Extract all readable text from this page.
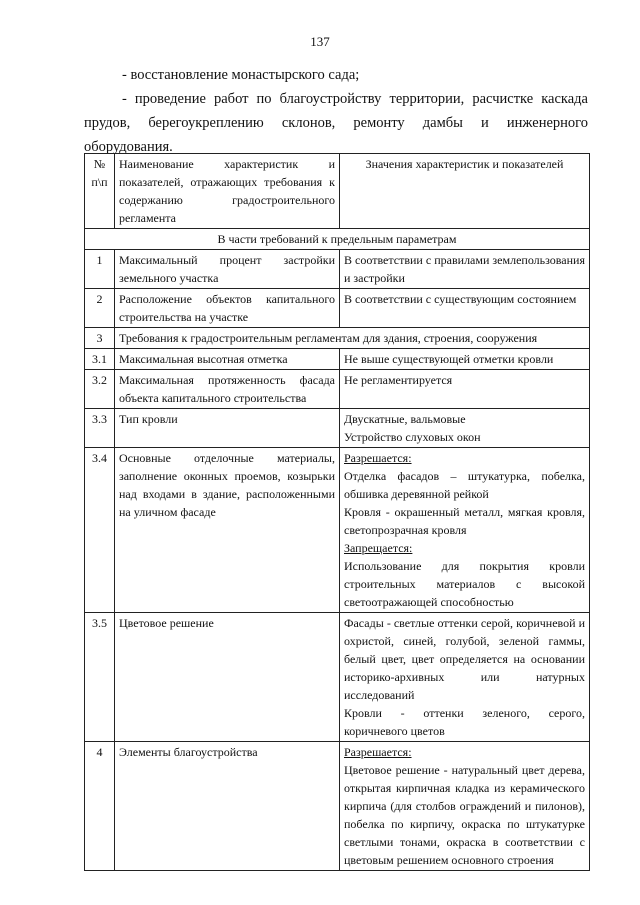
137

- восстановление монастырского сада;

- проведение работ по благоустройству территории, расчистке каскада прудов, берегоукреплению склонов, ремонту дамбы и инженерного оборудования.

№ п\п	Наименование характеристик и показателей, отражающих требования к содержанию градостроительного регламента	Значения характеристик и показателей
В части требований к предельным параметрам		
1	Максимальный процент застройки земельного участка	В соответствии с правилами землепользования и застройки
2	Расположение объектов капитального строительства на участке	В соответствии с существующим состоянием
3	Требования к градостроительным регламентам для здания, строения, сооружения	
3.1	Максимальная высотная отметка	Не выше существующей отметки кровли
3.2	Максимальная протяженность фасада объекта капитального строительства	Не регламентируется
3.3	Тип кровли	Двускатные, вальмовые
Устройство слуховых окон

3.4	Основные отделочные материалы, заполнение оконных проемов, козырьки над входами в здание, расположенными на уличном фасаде	Разрешается:
Отделка фасадов – штукатурка, побелка, обшивка деревянной рейкой
Кровля - окрашенный металл, мягкая кровля, светопрозрачная кровля
Запрещается:
Использование для покрытия кровли строительных материалов с высокой светоотражающей способностью

3.5	Цветовое решение	Фасады - светлые оттенки серой, коричневой и охристой, синей, голубой, зеленой гаммы, белый цвет, цвет определяется на основании историко-архивных или натурных исследований
Кровли - оттенки зеленого, серого, коричневого цветов

4	Элементы благоустройства	Разрешается:
Цветовое решение - натуральный цвет дерева, открытая кирпичная кладка из керамического кирпича (для столбов ограждений и пилонов), побелка по кирпичу, окраска по штукатурке светлыми тонами, окраска в соответствии с цветовым решением основного строения
